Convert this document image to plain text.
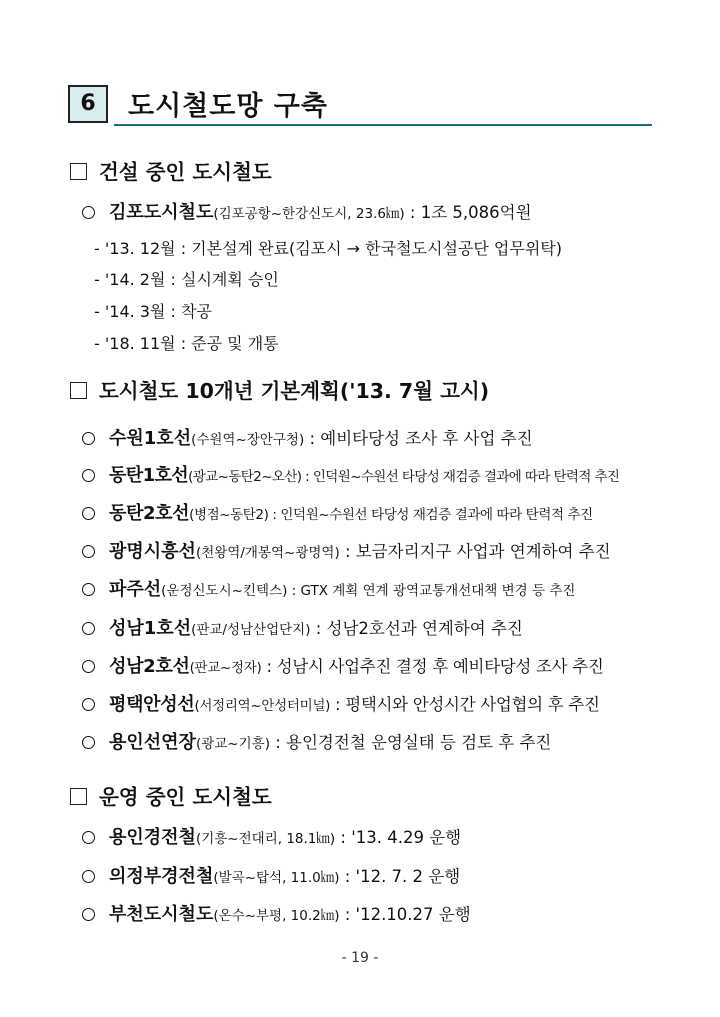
6	도시철도망 구축
건설 중인 도시철도
김포도시철도(김포공항~한강신도시, 23.6㎞) : 1조 5,086억원
- '13. 12월 : 기본설계 완료(김포시 → 한국철도시설공단 업무위탁)
- '14. 2월 : 실시계획 승인
- '14. 3월 : 착공
- '18. 11월 : 준공 및 개통
도시철도 10개년 기본계획('13. 7월 고시)
수원1호선(수원역~장안구청) : 예비타당성 조사 후 사업 추진
동탄1호선(광교~동탄2~오산) : 인덕원~수원선 타당성 재검증 결과에 따라 탄력적 추진
동탄2호선(병점~동탄2) : 인덕원~수원선 타당성 재검증 결과에 따라 탄력적 추진
광명시흥선(천왕역/개봉역~광명역) : 보금자리지구 사업과 연계하여 추진
파주선(운정신도시~킨텍스) : GTX 계획 연계 광역교통개선대책 변경 등 추진
성남1호선(판교/성남산업단지) : 성남2호선과 연계하여 추진
성남2호선(판교~정자) : 성남시 사업추진 결정 후 예비타당성 조사 추진
평택안성선(서정리역~안성터미널) : 평택시와 안성시간 사업협의 후 추진
용인선연장(광교~기흥) : 용인경전철 운영실태 등 검토 후 추진
운영 중인 도시철도
용인경전철(기흥~전대리, 18.1㎞) : '13. 4.29 운행
의정부경전철(발곡~탑석, 11.0㎞) : '12. 7. 2 운행
부천도시철도(온수~부평, 10.2㎞) : '12.10.27 운행
- 19 -
